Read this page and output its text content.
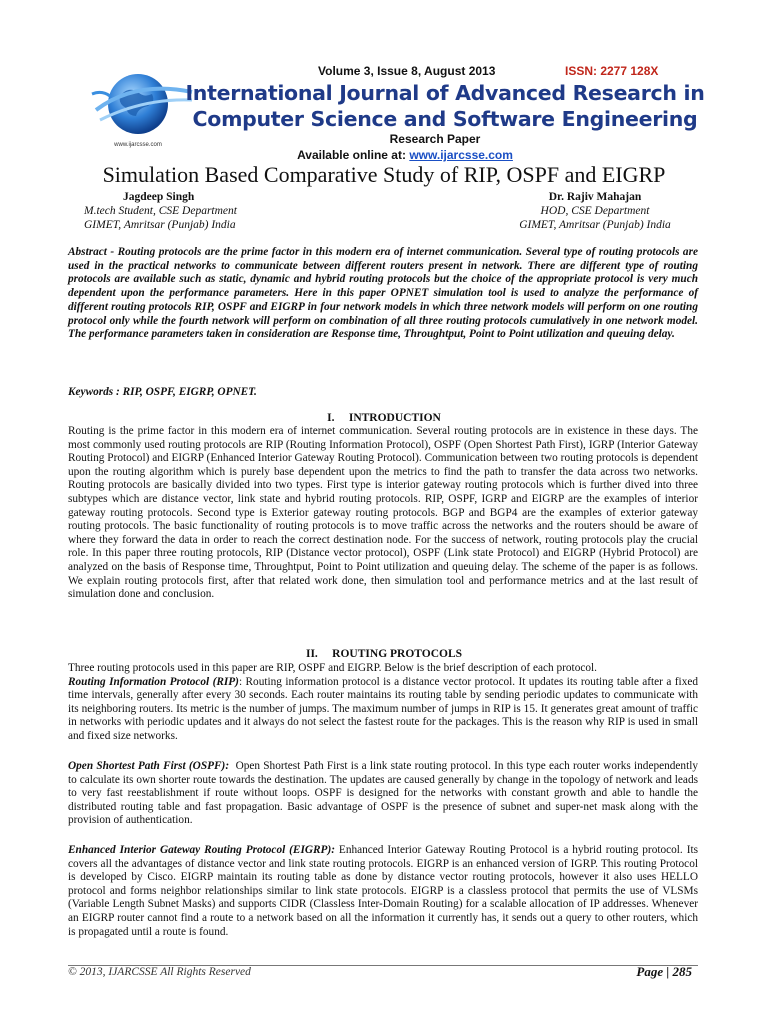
www.ijarcsse.com
Volume 3, Issue 8, August 2013	ISSN: 2277 128X
International Journal of Advanced Research in
Computer Science and Software Engineering
Research Paper
Available online at: www.ijarcsse.com
Simulation Based Comparative Study of RIP, OSPF and EIGRP
Jagdeep Singh
M.tech Student, CSE Department
GIMET, Amritsar (Punjab) India
Dr. Rajiv Mahajan
HOD, CSE Department
GIMET, Amritsar (Punjab) India
Abstract - Routing protocols are the prime factor in this modern era of internet communication. Several type of routing protocols are used in the practical networks to communicate between different routers present in network. There are different type of routing protocols are available such as static, dynamic and hybrid routing protocols but the choice of the appropriate protocol is very much dependent upon the performance parameters. Here in this paper OPNET simulation tool is used to analyze the performance of different routing protocols RIP, OSPF and EIGRP in four network models in which three network models will perform on one routing protocol only while the fourth network will perform on combination of all three routing protocols cumulatively in one network model. The performance parameters taken in consideration are Response time, Throughtput, Point to Point utilization and queuing delay.
Keywords : RIP, OSPF, EIGRP, OPNET.
I.     INTRODUCTION
Routing is the prime factor in this modern era of internet communication. Several routing protocols are in existence in these days. The most commonly used routing protocols are RIP (Routing Information Protocol), OSPF (Open Shortest Path First), IGRP (Interior Gateway Routing Protocol) and EIGRP (Enhanced Interior Gateway Routing Protocol). Communication between two routing protocols is dependent upon the routing algorithm which is purely base dependent upon the metrics to find the path to transfer the data across two networks. Routing protocols are basically divided into two types. First type is interior gateway routing protocols which is further dived into three subtypes which are distance vector, link state and hybrid routing protocols. RIP, OSPF, IGRP and EIGRP are the examples of interior gateway routing protocols. Second type is Exterior gateway routing protocols. BGP and BGP4 are the examples of exterior gateway routing protocols. The basic functionality of routing protocols is to move traffic across the networks and the routers should be aware of where they forward the data in order to reach the correct destination node. For the success of network, routing protocols play the crucial role. In this paper three routing protocols, RIP (Distance vector protocol), OSPF (Link state Protocol) and EIGRP (Hybrid Protocol) are analyzed on the basis of Response time, Throughtput, Point to Point utilization and queuing delay. The scheme of the paper is as follows. We explain routing protocols first, after that related work done, then simulation tool and performance metrics and at the last result of simulation done and conclusion.
II.     ROUTING PROTOCOLS
Three routing protocols used in this paper are RIP, OSPF and EIGRP. Below is the brief description of each protocol.
Routing Information Protocol (RIP): Routing information protocol is a distance vector protocol. It updates its routing table after a fixed time intervals, generally after every 30 seconds. Each router maintains its routing table by sending periodic updates to communicate with its neighboring routers. Its metric is the number of jumps. The maximum number of jumps in RIP is 15. It generates great amount of traffic in networks with periodic updates and it always do not select the fastest route for the packages. This is the reason why RIP is used in small and fixed size networks.
Open Shortest Path First (OSPF):  Open Shortest Path First is a link state routing protocol. In this type each router works independently to calculate its own shorter route towards the destination. The updates are caused generally by change in the topology of network and leads to very fast reestablishment if route without loops. OSPF is designed for the networks with constant growth and able to handle the distributed routing table and fast propagation. Basic advantage of OSPF is the presence of subnet and super-net mask along with the provision of authentication.
Enhanced Interior Gateway Routing Protocol (EIGRP): Enhanced Interior Gateway Routing Protocol is a hybrid routing protocol. Its covers all the advantages of distance vector and link state routing protocols. EIGRP is an enhanced version of IGRP. This routing Protocol is developed by Cisco. EIGRP maintain its routing table as done by distance vector routing protocols, however it also uses HELLO protocol and forms neighbor relationships similar to link state protocols. EIGRP is a classless protocol that permits the use of VLSMs (Variable Length Subnet Masks) and supports CIDR (Classless Inter-Domain Routing) for a scalable allocation of IP addresses. Whenever an EIGRP router cannot find a route to a network based on all the information it currently has, it sends out a query to other routers, which is propagated until a route is found.
© 2013, IJARCSSE All Rights Reserved	Page | 285
